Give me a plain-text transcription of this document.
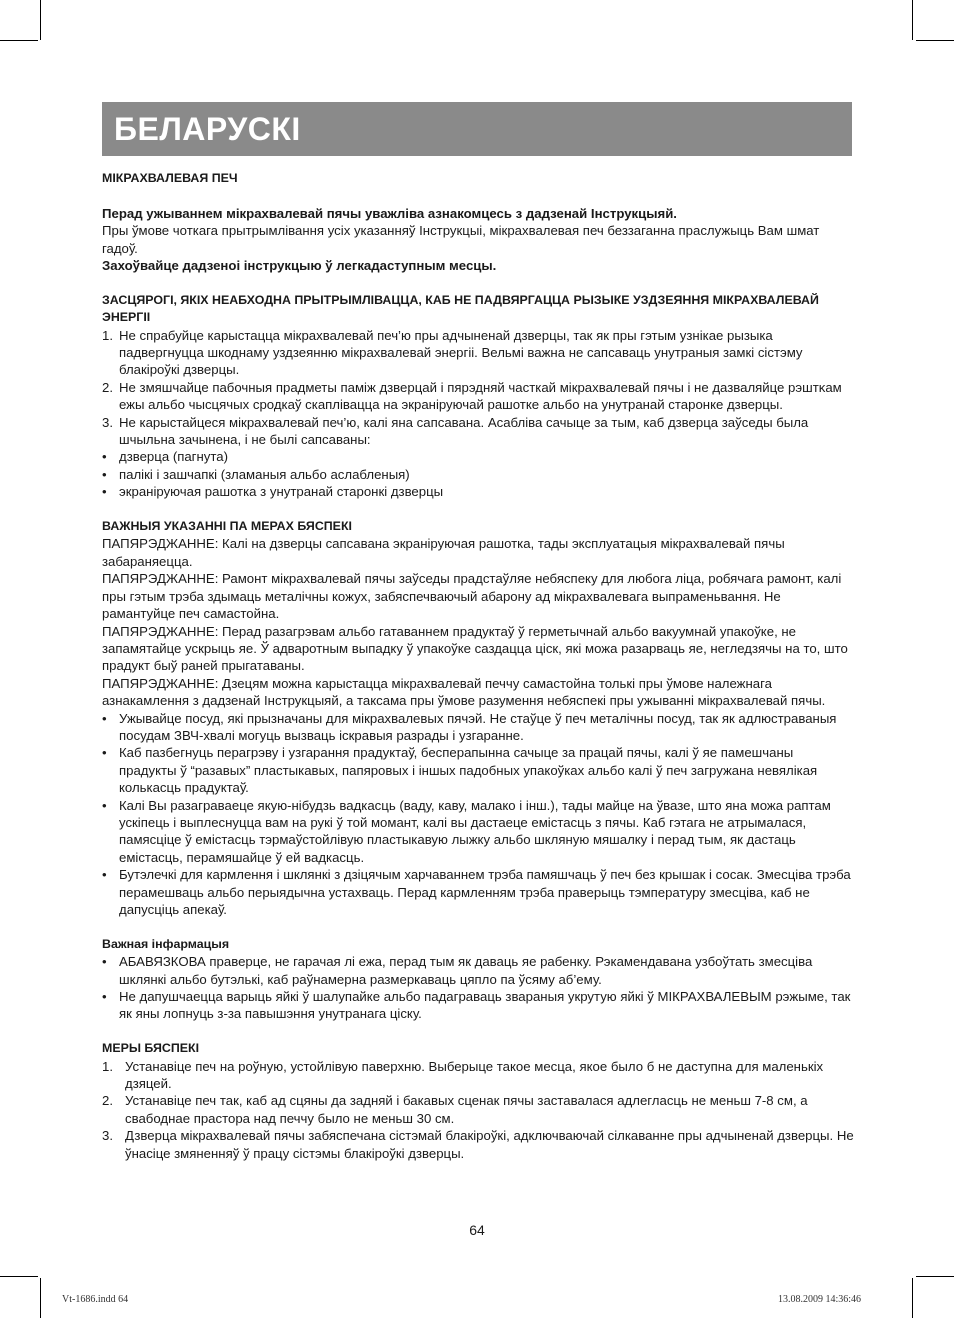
БЕЛАРУСКІ

МІКРАХВАЛЕВАЯ ПЕЧ

Перад ужываннем мікрахвалевай пячы уважліва азнакомцесь з дадзенай Інструкцыяй.

Пры ўмове чоткага прытрымлівання усіх указанняў Інструкцыі, мікрахвалевая печ беззаганна праслужыць Вам шмат гадоў.

Захоўвайце дадзеноі інструкцыю ў легкадаступным месцы.

ЗАСЦЯРОГІ, ЯКІХ НЕАБХОДНА ПРЫТРЫМЛІВАЦЦА, КАБ НЕ ПАДВЯРГАЦЦА РЫЗЫКЕ УЗДЗЕЯННЯ МІКРАХВАЛЕВАЙ ЭНЕРГІІ

1. Не спрабуйце карыстацца мікрахвалевай печ’ю пры адчыненай дзверцы, так як пры гэтым узнікае рызыка падвергнуцца шкоднаму уздзеянню мікрахвалевай энергіі. Вельмі важна не сапсаваць унутраныя замкі сістэму блакіроўкі дзверцы.
2. Не змяшчайце пабочныя прадметы паміж дзверцай і пярэдняй часткай мікрахвалевай пячы і не дазваляйце рэштκам ежы альбо чысцячых сродкаў скапліваццa на экраніруючай рашотке альбо на унутранай старонке дзверцы.
3. Не карыстайцеся мікрахвалевай печ’ю, калі яна сапсавана. Асабліва сачыце за тым, каб дзверца заўседы была шчыльна зачынена, і не былі сапсаваны:
• дзверца (пагнута)
• палікі і зашчапкі (зламаныя альбо аслабленыя)
• экраніруючая рашотка з унутранай старонкі дзверцы

ВАЖНЫЯ УКАЗАННІ ПА МЕРАХ БЯСПЕКІ

ПАПЯРЭДЖАННЕ: Калі на дзверцы сапсавана экраніруючая рашотка, тады эксплуатацыя мікрахвалевай пячы забараняецца.

ПАПЯРЭДЖАННЕ: Рамонт мікрахвалевай пячы заўседы прадстаўляе небяспеку для любога ліца, робячага рамонт, калі пры гэтым трэба здымаць металічны кожух, забяспечваючый абарону ад мікрахвалевага выпраменьвання. Не рамантуйце печ самастойна.

ПАПЯРЭДЖАННЕ: Перад разагрэвам альбо гатаваннем прадуктаў ў герметычнай альбо вакуумнай упакоўке, не запамятайце ускрыць яе. Ў адваротным выпадку ў упакоўке саздацца ціск, які можа разарваць яе, негледзячы на то, што прадукт быў раней прыгатаваны.

ПАПЯРЭДЖАННЕ: Дзецям можна карыстацца мікрахвалевай печчу самастойна толькі пры ўмове належнага азнакамлення з дадзенай Інструкцыяй, а таксама пры ўмове разумення небяспекі пры ужыванні мікрахвалевай пячы.

• Ужывайце посуд, які прызначаны для мікрахвалевых пячэй. Не стаўце ў печ металічны посуд, так як адлюстраваныя посудам ЗВЧ-хвалі могуць вызваць іскравыя разрады і узгаранне.
• Каб пазбегнуць перагрэву і узгарання прадуктаў, бесперапынна сачыце за працай пячы, калі ў яе памешчаны прадукты ў “разавых” пластыкавых, папяровых і іншых падобных упакоўках альбо калі ў печ загружана невялікая колькасць прадуктаў.
• Калі Вы разаграваеце якую-нібудзь вадкасць (ваду, каву, малако і інш.), тады майце на ўвазе, што яна можа раптам ускіпець і выплеснуцца вам на рукі ў той момант, калі вы дастаеце емістасць з пячы. Каб гэтага не атрымалася, памясціце ў емістасць тэрмаўстойлівую пластыкавую лыжку альбо шкляную мяшалку і перад тым, як дастаць емістасць, перамяшайце ў ей вадкасць.
• Бутэлечкі для кармлення і шклянкі з дзіцячым харчаваннем трэба памяшчаць ў печ без крышак і сосак. Змесціва трэба перамешваць альбо перыядычна устахваць. Перад кармленням трэба праверыць тэмпературу змесціва, каб не дапусціць апекаў.

Важная інфармацыя

• АБАВЯЗКОВА праверце, не гарачая лі ежа, перад тым як даваць яе рабенку. Рэкамендавана узбоўтать змесціва шклянкі альбо бутэлькі, каб раўнамерна размеркаваць цяпло па ўсяму аб’ему.
• Не дапушчаецца варыць яйкі ў шалупайке альбо падаграваць звараныя укрутую яйкі ў МІКРАХВАЛЕВЫМ рэжыме, так як яны лопнуць з-за павышэння унутранага ціску.

МЕРЫ БЯСПЕКІ

1. Устанавіце печ на роўную, устойлівую паверхню. Выберыце такое месца, якое было б не даступна для маленькіх дзяцей.
2. Устанавіце печ так, каб ад сцяны да задняй і бакавых сценак пячы заставалася адлегласць не меньш 7-8 см, а свабоднае прастора над печчу было не меньш 30 см.
3. Дзверца мікрахвалевай пячы забяспечана сістэмай блакіроўкі, адключваючай сілкаванне пры адчыненай дзверцы. Не ўнасіце змяненняў ў працу сістэмы блакіроўкі дзверцы.
64
Vt-1686.indd 64	13.08.2009 14:36:46
